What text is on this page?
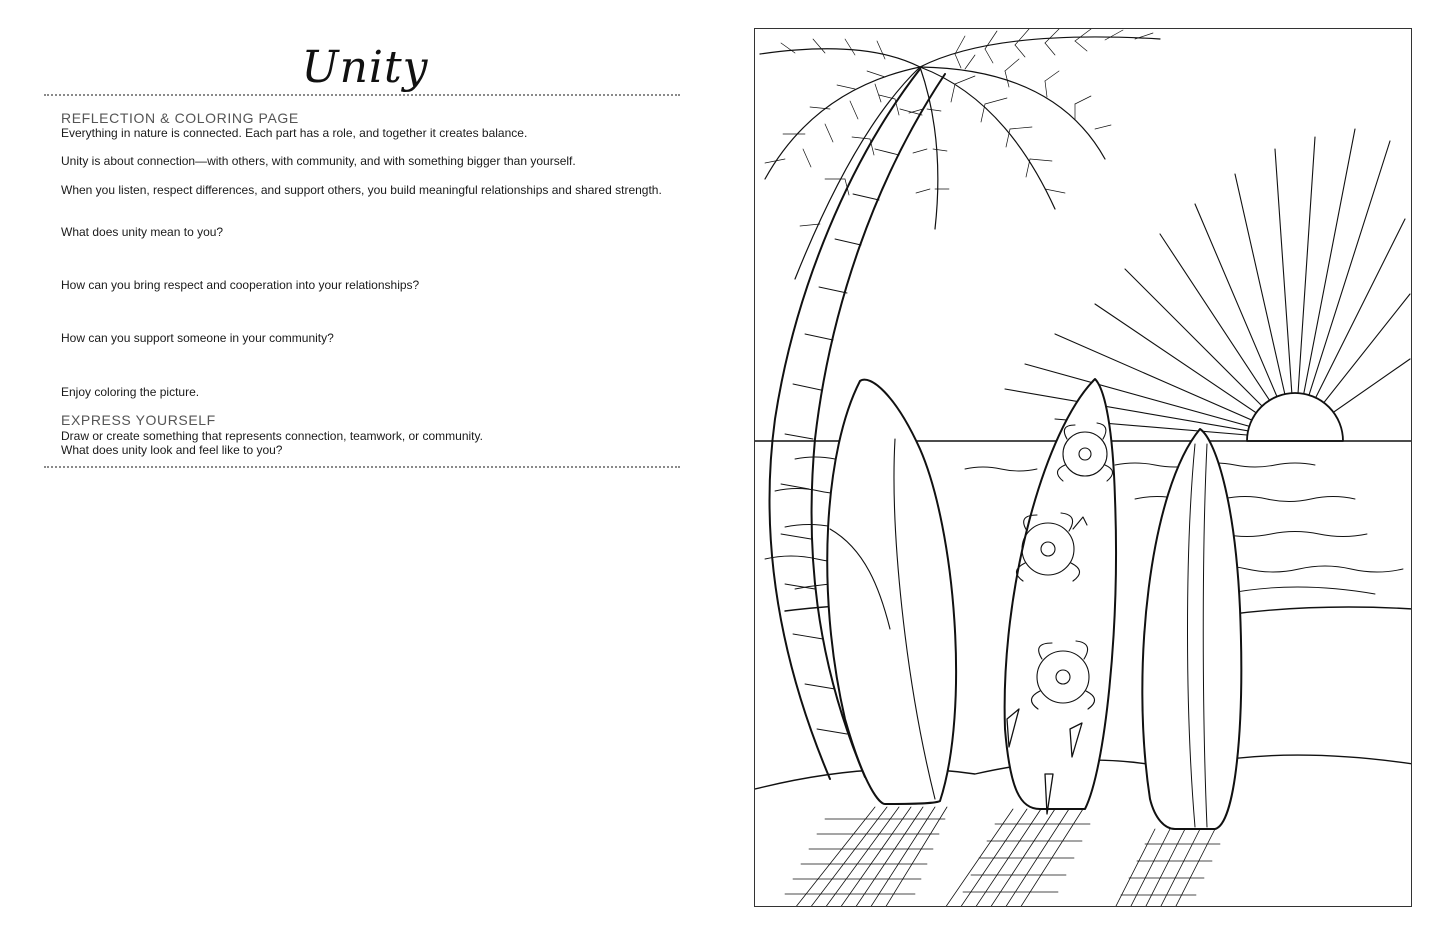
Unity
REFLECTION & COLORING PAGE
Everything in nature is connected. Each part has a role, and together it creates balance.
Unity is about connection—with others, with community, and with something bigger than yourself.
When you listen, respect differences, and support others, you build meaningful relationships and shared strength.
What does unity mean to you?
How can you bring respect and cooperation into your relationships?
How can you support someone in your community?
Enjoy coloring the picture.
EXPRESS YOURSELF
Draw or create something that represents connection, teamwork, or community.
What does unity look and feel like to you?
